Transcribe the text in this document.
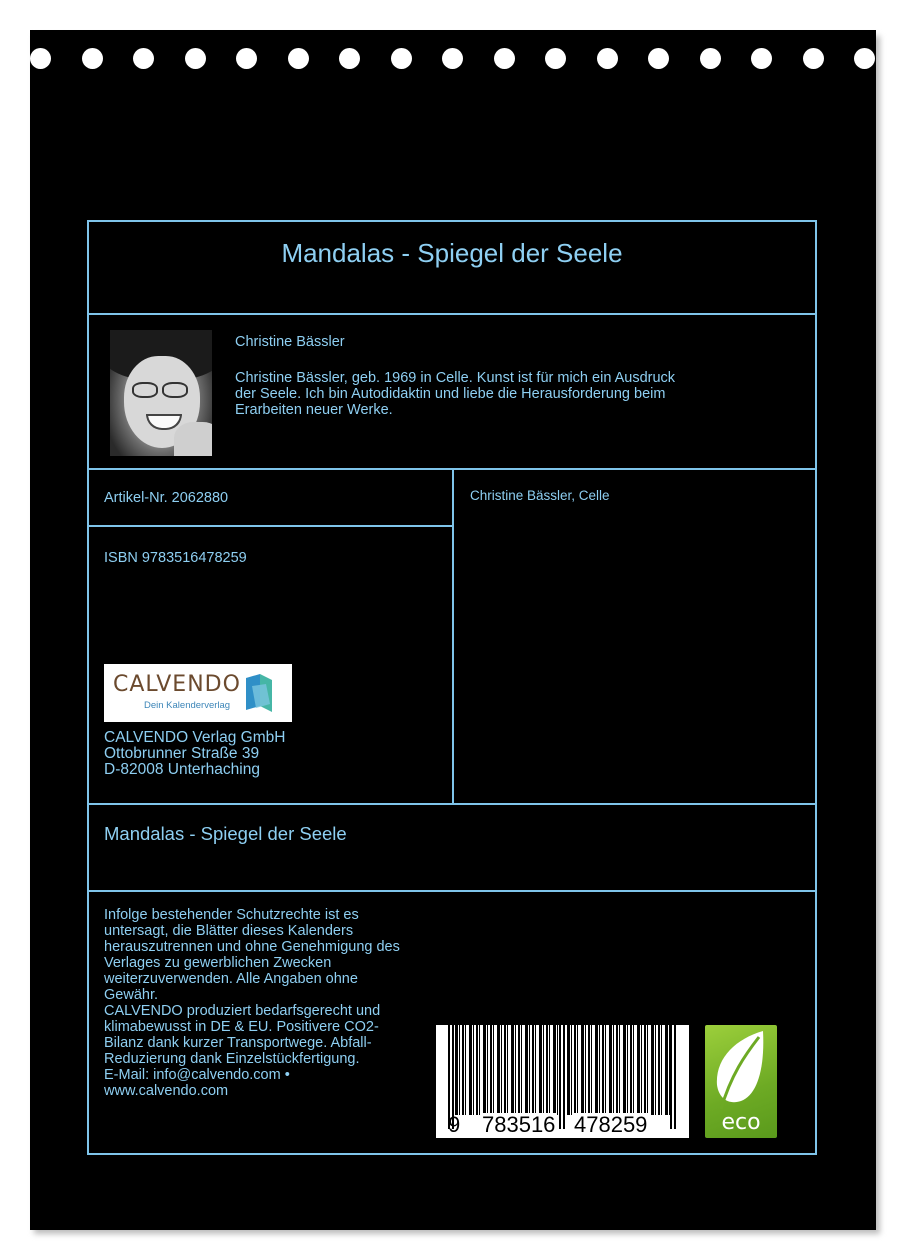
Mandalas - Spiegel der Seele
Christine Bässler
Christine Bässler, geb. 1969 in Celle. Kunst ist für mich ein Ausdruck
der Seele. Ich bin Autodidaktin und liebe die Herausforderung beim
Erarbeiten neuer Werke.
Artikel-Nr. 2062880	Christine Bässler, Celle
ISBN 9783516478259
CALVENDO
Dein Kalenderverlag
CALVENDO Verlag GmbH
Ottobrunner Straße 39
D-82008 Unterhaching
Mandalas - Spiegel der Seele
Infolge bestehender Schutzrechte ist es
untersagt, die Blätter dieses Kalenders
herauszutrennen und ohne Genehmigung des
Verlages zu gewerblichen Zwecken
weiterzuverwenden. Alle Angaben ohne
Gewähr.
CALVENDO produziert bedarfsgerecht und
klimabewusst in DE & EU. Positivere CO2-
Bilanz dank kurzer Transportwege. Abfall-
Reduzierung dank Einzelstückfertigung.
E-Mail: info@calvendo.com •
www.calvendo.com
9 783516 478259	eco
